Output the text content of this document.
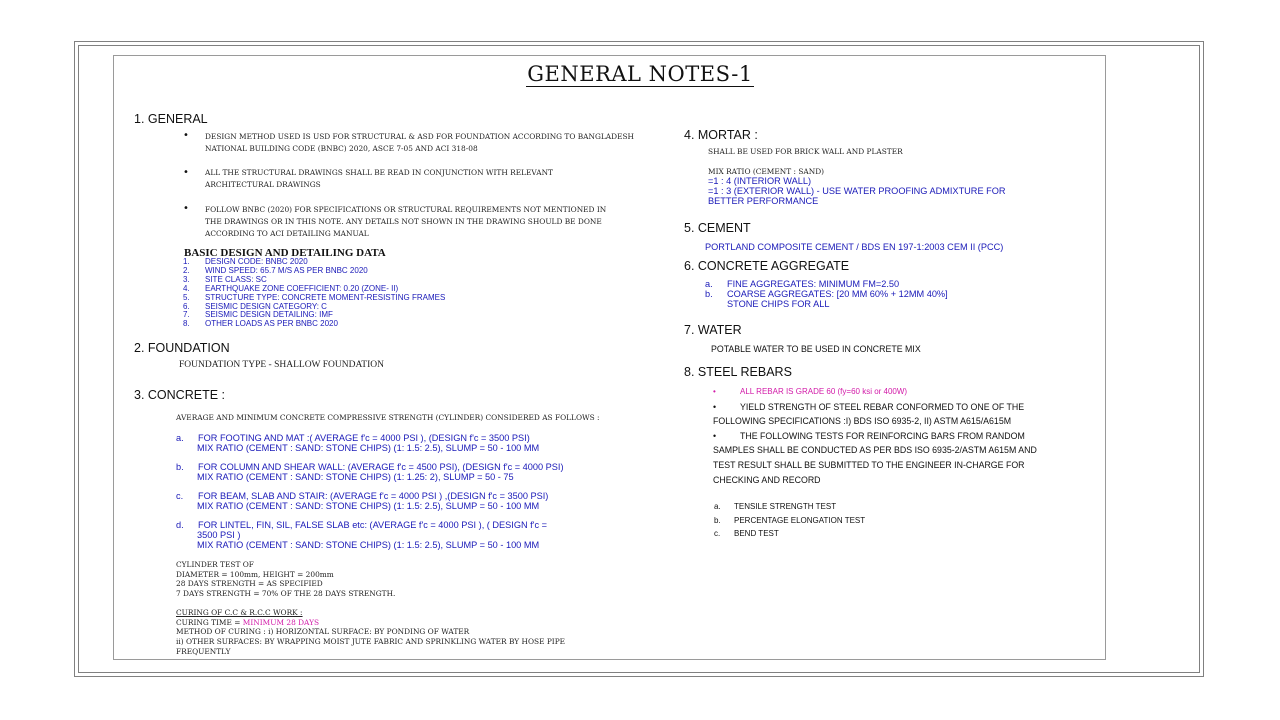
GENERAL NOTES-1
1. GENERAL
• DESIGN METHOD USED IS USD FOR STRUCTURAL & ASD FOR FOUNDATION ACCORDING TO BANGLADESH
NATIONAL BUILDING CODE (BNBC) 2020, ASCE 7-05 AND ACI 318-08
• ALL THE STRUCTURAL DRAWINGS SHALL BE READ IN CONJUNCTION WITH RELEVANT
ARCHITECTURAL DRAWINGS
• FOLLOW BNBC (2020) FOR SPECIFICATIONS OR STRUCTURAL REQUIREMENTS NOT MENTIONED IN
THE DRAWINGS OR IN THIS NOTE. ANY DETAILS NOT SHOWN IN THE DRAWING SHOULD BE DONE
ACCORDING TO ACI DETAILING MANUAL
BASIC DESIGN AND DETAILING DATA
1. DESIGN CODE: BNBC 2020
2. WIND SPEED: 65.7 M/S AS PER BNBC 2020
3. SITE CLASS: SC
4. EARTHQUAKE ZONE COEFFICIENT: 0.20 (ZONE- II)
5. STRUCTURE TYPE: CONCRETE MOMENT-RESISTING FRAMES
6. SEISMIC DESIGN CATEGORY: C
7. SEISMIC DESIGN DETAILING: IMF
8. OTHER LOADS AS PER BNBC 2020
2. FOUNDATION
FOUNDATION TYPE - SHALLOW FOUNDATION
3. CONCRETE :
AVERAGE AND MINIMUM CONCRETE COMPRESSIVE STRENGTH (CYLINDER) CONSIDERED AS FOLLOWS :
a. FOR FOOTING AND MAT :( AVERAGE f'c = 4000 PSI ), (DESIGN f'c = 3500 PSI)
MIX RATIO (CEMENT : SAND: STONE CHIPS) (1: 1.5: 2.5), SLUMP = 50 - 100 MM
b. FOR COLUMN AND SHEAR WALL: (AVERAGE f'c = 4500 PSI), (DESIGN f'c = 4000 PSI)
MIX RATIO (CEMENT : SAND: STONE CHIPS) (1: 1.25: 2), SLUMP = 50 - 75
c. FOR BEAM, SLAB AND STAIR: (AVERAGE f'c = 4000 PSI ) ,(DESIGN f'c = 3500 PSI)
MIX RATIO (CEMENT : SAND: STONE CHIPS) (1: 1.5: 2.5), SLUMP = 50 - 100 MM
d. FOR LINTEL, FIN, SIL, FALSE SLAB etc: (AVERAGE f'c = 4000 PSI ), ( DESIGN f'c =
3500 PSI )
MIX RATIO (CEMENT : SAND: STONE CHIPS) (1: 1.5: 2.5), SLUMP = 50 - 100 MM
CYLINDER TEST OF
DIAMETER = 100mm, HEIGHT = 200mm
28 DAYS STRENGTH = AS SPECIFIED
7 DAYS STRENGTH = 70% OF THE 28 DAYS STRENGTH.
CURING OF C.C & R.C.C WORK :
CURING TIME = MINIMUM 28 DAYS
METHOD OF CURING : i) HORIZONTAL SURFACE: BY PONDING OF WATER
ii) OTHER SURFACES: BY WRAPPING MOIST JUTE FABRIC AND SPRINKLING WATER BY HOSE PIPE
FREQUENTLY
4. MORTAR :
SHALL BE USED FOR BRICK WALL AND PLASTER
MIX RATIO (CEMENT : SAND)
=1 : 4 (INTERIOR WALL)
=1 : 3 (EXTERIOR WALL) - USE WATER PROOFING ADMIXTURE FOR
BETTER PERFORMANCE
5. CEMENT
PORTLAND COMPOSITE CEMENT / BDS EN 197-1:2003 CEM II (PCC)
6. CONCRETE AGGREGATE
a. FINE AGGREGATES: MINIMUM FM=2.50
b. COARSE AGGREGATES: [20 MM 60% + 12MM 40%]
STONE CHIPS FOR ALL
7. WATER
POTABLE WATER TO BE USED IN CONCRETE MIX
8. STEEL REBARS
•	ALL REBAR IS GRADE 60 (fy=60 ksi or 400W)
•	YIELD STRENGTH OF STEEL REBAR CONFORMED TO ONE OF THE
FOLLOWING SPECIFICATIONS :I) BDS ISO 6935-2, II) ASTM A615/A615M
•	THE FOLLOWING TESTS FOR REINFORCING BARS FROM RANDOM
SAMPLES SHALL BE CONDUCTED AS PER BDS ISO 6935-2/ASTM A615M AND
TEST RESULT SHALL BE SUBMITTED TO THE ENGINEER IN-CHARGE FOR
CHECKING AND RECORD
a. TENSILE STRENGTH TEST
b. PERCENTAGE ELONGATION TEST
c. BEND TEST
